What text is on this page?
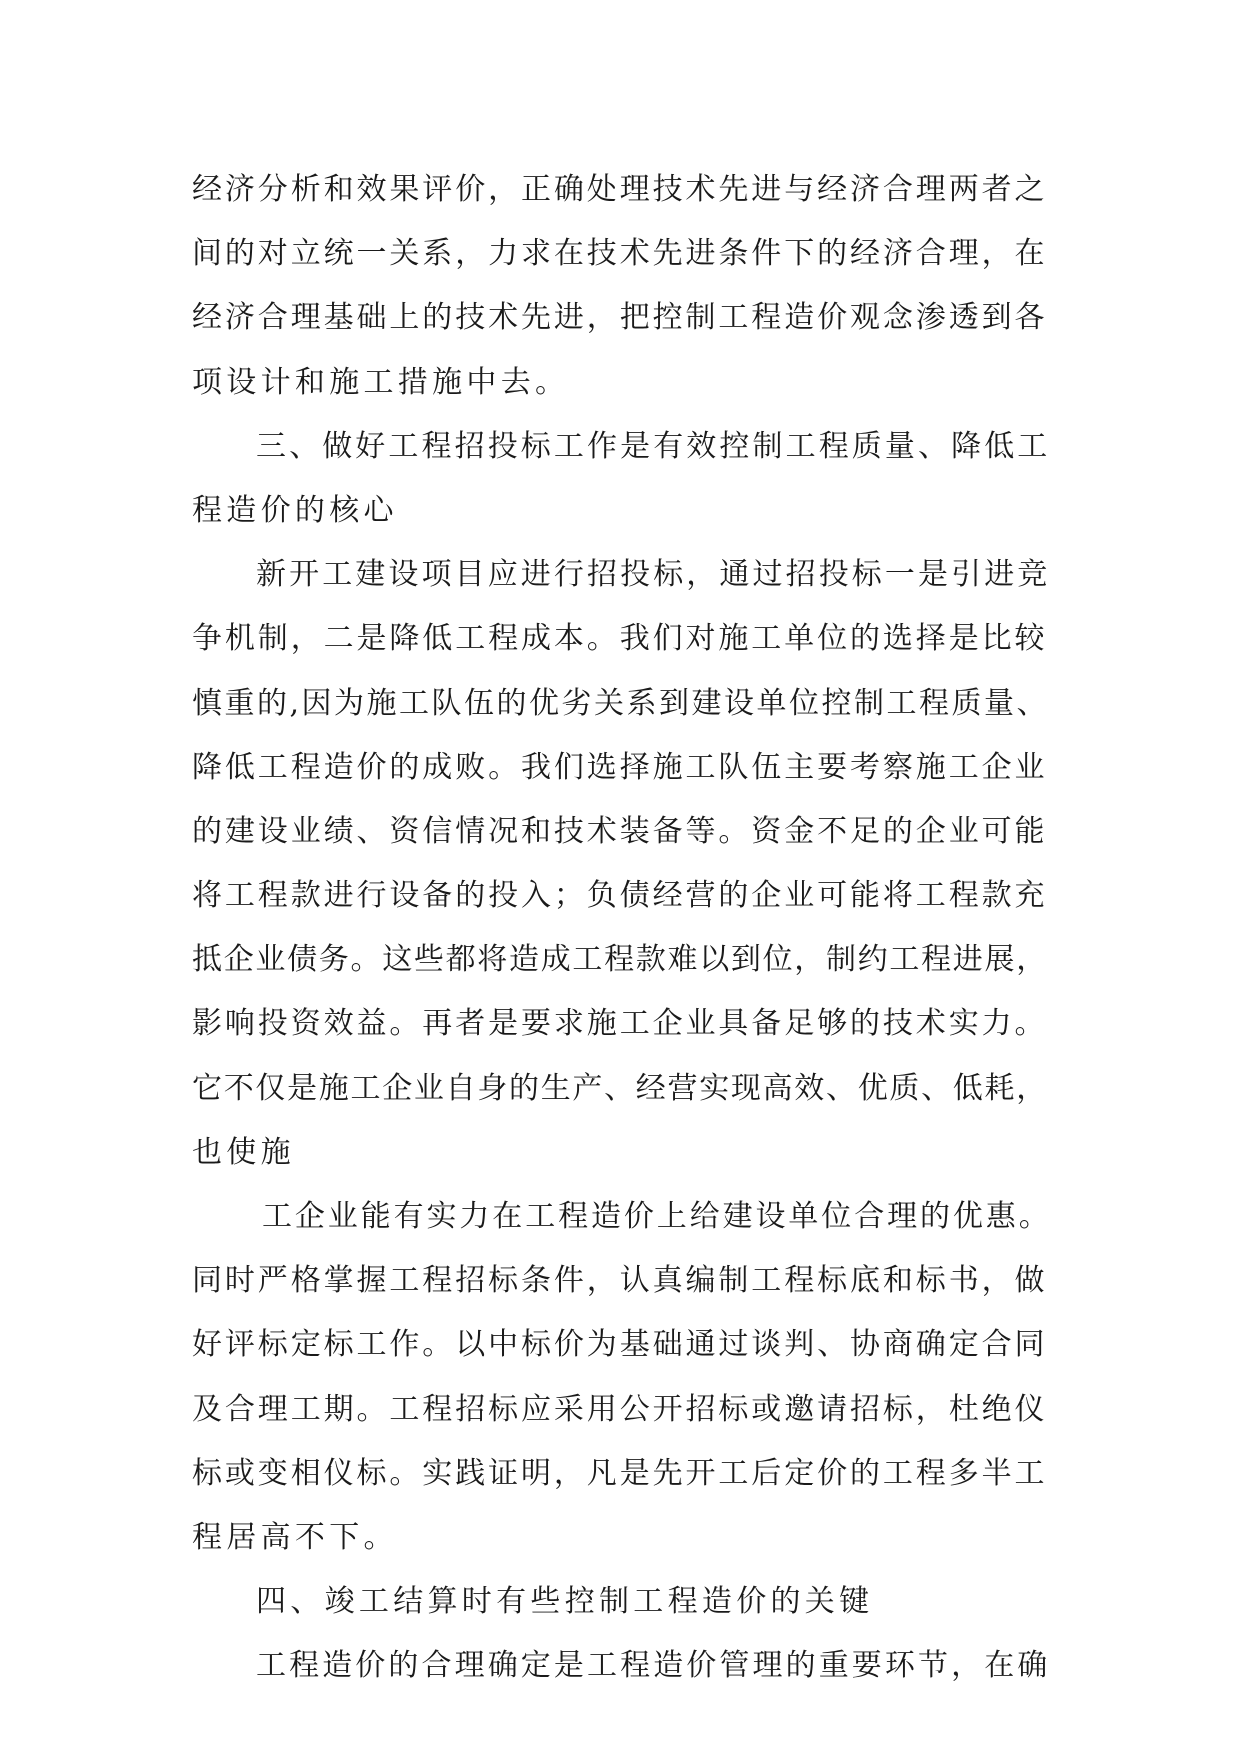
经济分析和效果评价，正确处理技术先进与经济合理两者之
间的对立统一关系，力求在技术先进条件下的经济合理，在
经济合理基础上的技术先进，把控制工程造价观念渗透到各
项设计和施工措施中去。
三、做好工程招投标工作是有效控制工程质量、降低工
程造价的核心
新开工建设项目应进行招投标，通过招投标一是引进竞
争机制，二是降低工程成本。我们对施工单位的选择是比较
慎重的,因为施工队伍的优劣关系到建设单位控制工程质量、
降低工程造价的成败。我们选择施工队伍主要考察施工企业
的建设业绩、资信情况和技术装备等。资金不足的企业可能
将工程款进行设备的投入；负债经营的企业可能将工程款充
抵企业债务。这些都将造成工程款难以到位，制约工程进展，
影响投资效益。再者是要求施工企业具备足够的技术实力。
它不仅是施工企业自身的生产、经营实现高效、优质、低耗，
也使施
工企业能有实力在工程造价上给建设单位合理的优惠。
同时严格掌握工程招标条件，认真编制工程标底和标书，做
好评标定标工作。以中标价为基础通过谈判、协商确定合同
及合理工期。工程招标应采用公开招标或邀请招标，杜绝仪
标或变相仪标。实践证明，凡是先开工后定价的工程多半工
程居高不下。
四、竣工结算时有些控制工程造价的关键
工程造价的合理确定是工程造价管理的重要环节，在确
